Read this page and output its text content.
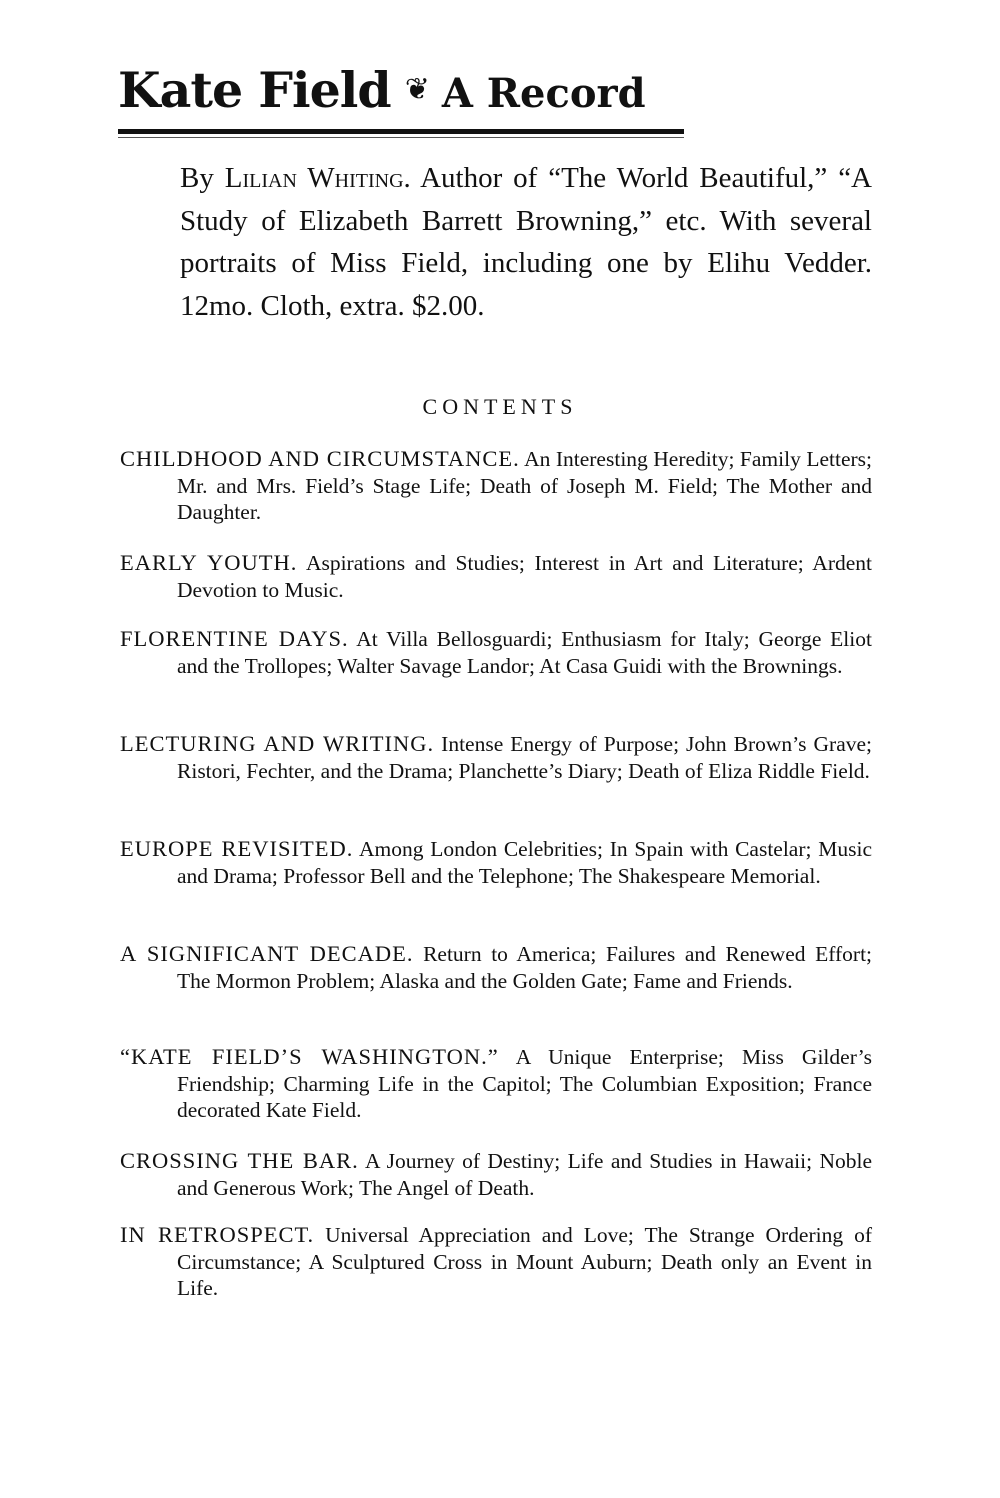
Kate Field ❦ A Record
By Lilian Whiting. Author of “The World Beautiful,” “A Study of Elizabeth Barrett Browning,” etc. With several portraits of Miss Field, including one by Elihu Vedder. 12mo. Cloth, extra. $2.00.
CONTENTS
CHILDHOOD AND CIRCUMSTANCE. An Interesting Heredity; Family Letters; Mr. and Mrs. Field’s Stage Life; Death of Joseph M. Field; The Mother and Daughter.
EARLY YOUTH. Aspirations and Studies; Interest in Art and Literature; Ardent Devotion to Music.
FLORENTINE DAYS. At Villa Bellosguardi; Enthusiasm for Italy; George Eliot and the Trollopes; Walter Savage Landor; At Casa Guidi with the Brownings.
LECTURING AND WRITING. Intense Energy of Purpose; John Brown’s Grave; Ristori, Fechter, and the Drama; Planchette’s Diary; Death of Eliza Riddle Field.
EUROPE REVISITED. Among London Celebrities; In Spain with Castelar; Music and Drama; Professor Bell and the Telephone; The Shakespeare Memorial.
A SIGNIFICANT DECADE. Return to America; Failures and Renewed Effort; The Mormon Problem; Alaska and the Golden Gate; Fame and Friends.
“KATE FIELD’S WASHINGTON.” A Unique Enterprise; Miss Gilder’s Friendship; Charming Life in the Capitol; The Columbian Exposition; France decorated Kate Field.
CROSSING THE BAR. A Journey of Destiny; Life and Studies in Hawaii; Noble and Generous Work; The Angel of Death.
IN RETROSPECT. Universal Appreciation and Love; The Strange Ordering of Circumstance; A Sculptured Cross in Mount Auburn; Death only an Event in Life.
